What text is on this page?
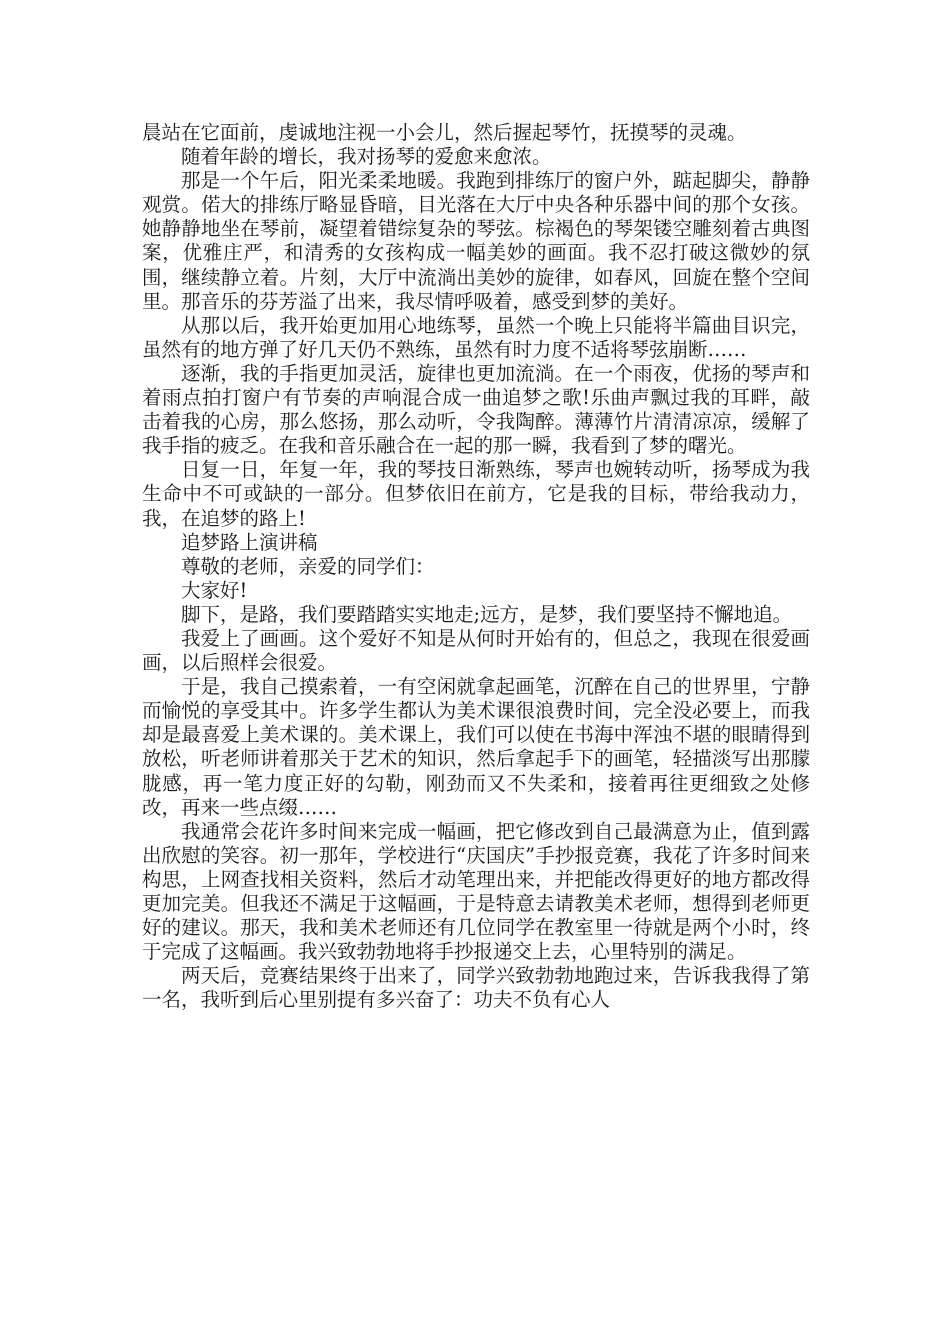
晨站在它面前，虔诚地注视一小会儿，然后握起琴竹，抚摸琴的灵魂。

随着年龄的增长，我对扬琴的爱愈来愈浓。

那是一个午后，阳光柔柔地暖。我跑到排练厅的窗户外，踮起脚尖，静静观赏。偌大的排练厅略显昏暗，目光落在大厅中央各种乐器中间的那个女孩。她静静地坐在琴前，凝望着错综复杂的琴弦。棕褐色的琴架镂空雕刻着古典图案，优雅庄严，和清秀的女孩构成一幅美妙的画面。我不忍打破这微妙的氛围，继续静立着。片刻，大厅中流淌出美妙的旋律，如春风，回旋在整个空间里。那音乐的芬芳溢了出来，我尽情呼吸着，感受到梦的美好。

从那以后，我开始更加用心地练琴，虽然一个晚上只能将半篇曲目识完，虽然有的地方弹了好几天仍不熟练，虽然有时力度不适将琴弦崩断……

逐渐，我的手指更加灵活，旋律也更加流淌。在一个雨夜，优扬的琴声和着雨点拍打窗户有节奏的声响混合成一曲追梦之歌!乐曲声飘过我的耳畔，敲击着我的心房，那么悠扬，那么动听，令我陶醉。薄薄竹片清清凉凉，缓解了我手指的疲乏。在我和音乐融合在一起的那一瞬，我看到了梦的曙光。

日复一日，年复一年，我的琴技日渐熟练，琴声也婉转动听，扬琴成为我生命中不可或缺的一部分。但梦依旧在前方，它是我的目标，带给我动力，我，在追梦的路上!

追梦路上演讲稿

尊敬的老师，亲爱的同学们：

大家好!

脚下，是路，我们要踏踏实实地走;远方，是梦，我们要坚持不懈地追。

我爱上了画画。这个爱好不知是从何时开始有的，但总之，我现在很爱画画，以后照样会很爱。

于是，我自己摸索着，一有空闲就拿起画笔，沉醉在自己的世界里，宁静而愉悦的享受其中。许多学生都认为美术课很浪费时间，完全没必要上，而我却是最喜爱上美术课的。美术课上，我们可以使在书海中浑浊不堪的眼睛得到放松，听老师讲着那关于艺术的知识，然后拿起手下的画笔，轻描淡写出那朦胧感，再一笔力度正好的勾勒，刚劲而又不失柔和，接着再往更细致之处修改，再来一些点缀……

我通常会花许多时间来完成一幅画，把它修改到自己最满意为止，值到露出欣慰的笑容。初一那年，学校进行“庆国庆”手抄报竞赛，我花了许多时间来构思，上网查找相关资料，然后才动笔理出来，并把能改得更好的地方都改得更加完美。但我还不满足于这幅画，于是特意去请教美术老师，想得到老师更好的建议。那天，我和美术老师还有几位同学在教室里一待就是两个小时，终于完成了这幅画。我兴致勃勃地将手抄报递交上去，心里特别的满足。

两天后，竞赛结果终于出来了，同学兴致勃勃地跑过来，告诉我我得了第一名，我听到后心里别提有多兴奋了：功夫不负有心人
